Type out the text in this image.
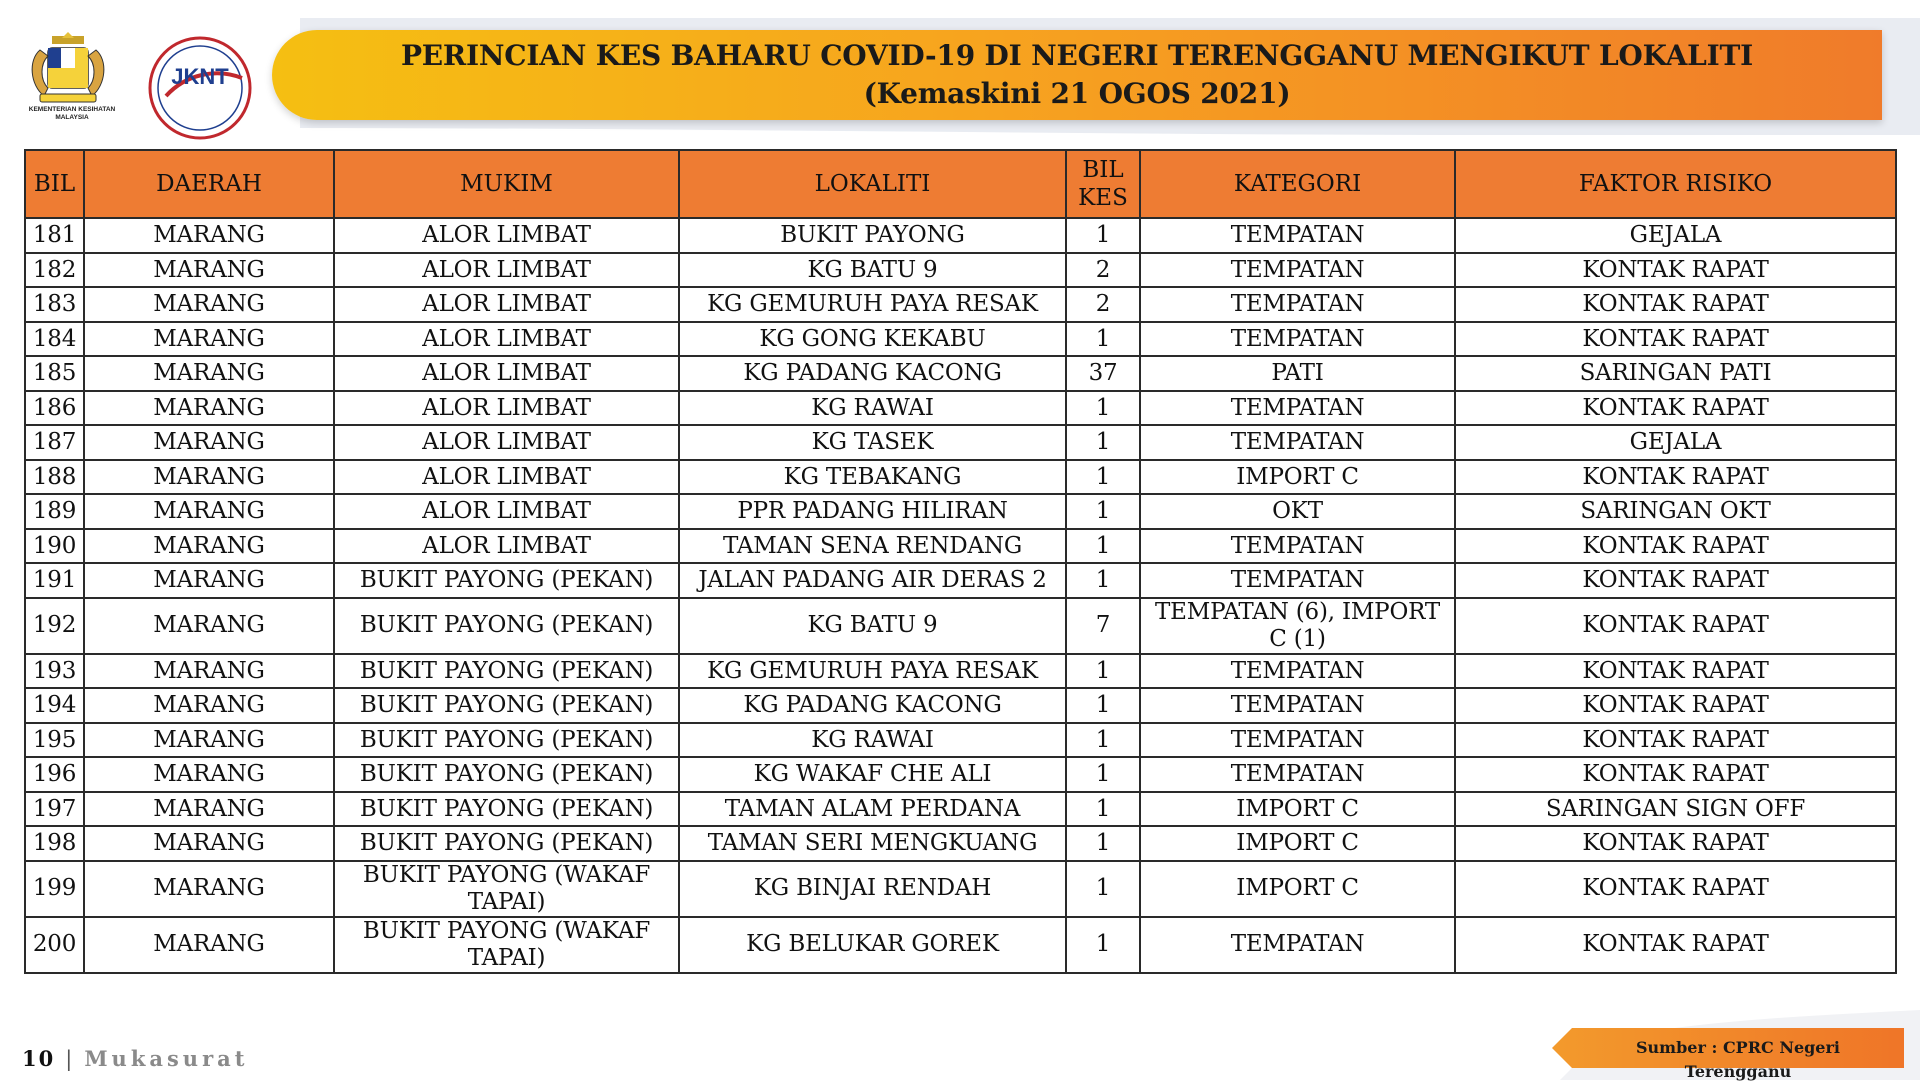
KEMENTERIAN KESIHATAN MALAYSIA
JKNT
PERINCIAN KES BAHARU COVID-19 DI NEGERI TERENGGANU MENGIKUT LOKALITI
(Kemaskini 21 OGOS 2021)
BIL	DAERAH	MUKIM	LOKALITI	BIL KES	KATEGORI	FAKTOR RISIKO
181	MARANG	ALOR LIMBAT	BUKIT PAYONG	1	TEMPATAN	GEJALA
182	MARANG	ALOR LIMBAT	KG BATU 9	2	TEMPATAN	KONTAK RAPAT
183	MARANG	ALOR LIMBAT	KG GEMURUH PAYA RESAK	2	TEMPATAN	KONTAK RAPAT
184	MARANG	ALOR LIMBAT	KG GONG KEKABU	1	TEMPATAN	KONTAK RAPAT
185	MARANG	ALOR LIMBAT	KG PADANG KACONG	37	PATI	SARINGAN PATI
186	MARANG	ALOR LIMBAT	KG RAWAI	1	TEMPATAN	KONTAK RAPAT
187	MARANG	ALOR LIMBAT	KG TASEK	1	TEMPATAN	GEJALA
188	MARANG	ALOR LIMBAT	KG TEBAKANG	1	IMPORT C	KONTAK RAPAT
189	MARANG	ALOR LIMBAT	PPR PADANG HILIRAN	1	OKT	SARINGAN OKT
190	MARANG	ALOR LIMBAT	TAMAN SENA RENDANG	1	TEMPATAN	KONTAK RAPAT
191	MARANG	BUKIT PAYONG (PEKAN)	JALAN PADANG AIR DERAS 2	1	TEMPATAN	KONTAK RAPAT
192	MARANG	BUKIT PAYONG (PEKAN)	KG BATU 9	7	TEMPATAN (6), IMPORT C (1)	KONTAK RAPAT
193	MARANG	BUKIT PAYONG (PEKAN)	KG GEMURUH PAYA RESAK	1	TEMPATAN	KONTAK RAPAT
194	MARANG	BUKIT PAYONG (PEKAN)	KG PADANG KACONG	1	TEMPATAN	KONTAK RAPAT
195	MARANG	BUKIT PAYONG (PEKAN)	KG RAWAI	1	TEMPATAN	KONTAK RAPAT
196	MARANG	BUKIT PAYONG (PEKAN)	KG WAKAF CHE ALI	1	TEMPATAN	KONTAK RAPAT
197	MARANG	BUKIT PAYONG (PEKAN)	TAMAN ALAM PERDANA	1	IMPORT C	SARINGAN SIGN OFF
198	MARANG	BUKIT PAYONG (PEKAN)	TAMAN SERI MENGKUANG	1	IMPORT C	KONTAK RAPAT
199	MARANG	BUKIT PAYONG (WAKAF TAPAI)	KG BINJAI RENDAH	1	IMPORT C	KONTAK RAPAT
200	MARANG	BUKIT PAYONG (WAKAF TAPAI)	KG BELUKAR GOREK	1	TEMPATAN	KONTAK RAPAT
10 | Mukasurat	Sumber : CPRC Negeri Terengganu
